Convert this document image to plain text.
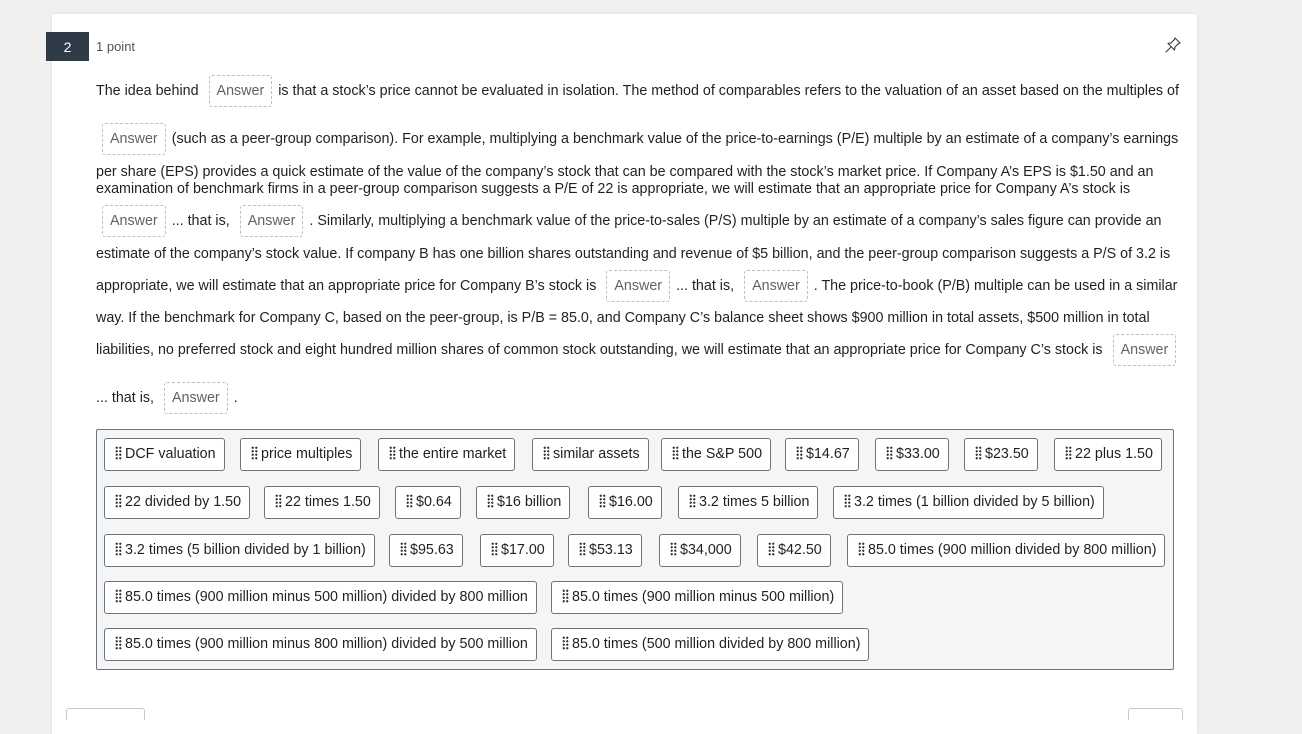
2	1 point
The idea behind Answer is that a stock’s price cannot be evaluated in isolation. The method of comparables refers to the valuation of an asset based on the multiples of
Answer (such as a peer-group comparison). For example, multiplying a benchmark value of the price-to-earnings (P/E) multiple by an estimate of a company’s earnings
per share (EPS) provides a quick estimate of the value of the company’s stock that can be compared with the stock’s market price. If Company A’s EPS is $1.50 and an
examination of benchmark firms in a peer-group comparison suggests a P/E of 22 is appropriate, we will estimate that an appropriate price for Company A’s stock is
Answer ... that is, Answer . Similarly, multiplying a benchmark value of the price-to-sales (P/S) multiple by an estimate of a company’s sales figure can provide an
estimate of the company’s stock value. If company B has one billion shares outstanding and revenue of $5 billion, and the peer-group comparison suggests a P/S of 3.2 is
appropriate, we will estimate that an appropriate price for Company B’s stock is Answer ... that is, Answer . The price-to-book (P/B) multiple can be used in a similar
way. If the benchmark for Company C, based on the peer-group, is P/B = 85.0, and Company C’s balance sheet shows $900 million in total assets, $500 million in total
liabilities, no preferred stock and eight hundred million shares of common stock outstanding, we will estimate that an appropriate price for Company C’s stock is Answer
... that is, Answer .
DCF valuation	price multiples	the entire market	similar assets	the S&P 500	$14.67	$33.00	$23.50	22 plus 1.50
22 divided by 1.50	22 times 1.50	$0.64	$16 billion	$16.00	3.2 times 5 billion	3.2 times (1 billion divided by 5 billion)
3.2 times (5 billion divided by 1 billion)	$95.63	$17.00	$53.13	$34,000	$42.50	85.0 times (900 million divided by 800 million)
85.0 times (900 million minus 500 million) divided by 800 million	85.0 times (900 million minus 500 million)
85.0 times (900 million minus 800 million) divided by 500 million	85.0 times (500 million divided by 800 million)
